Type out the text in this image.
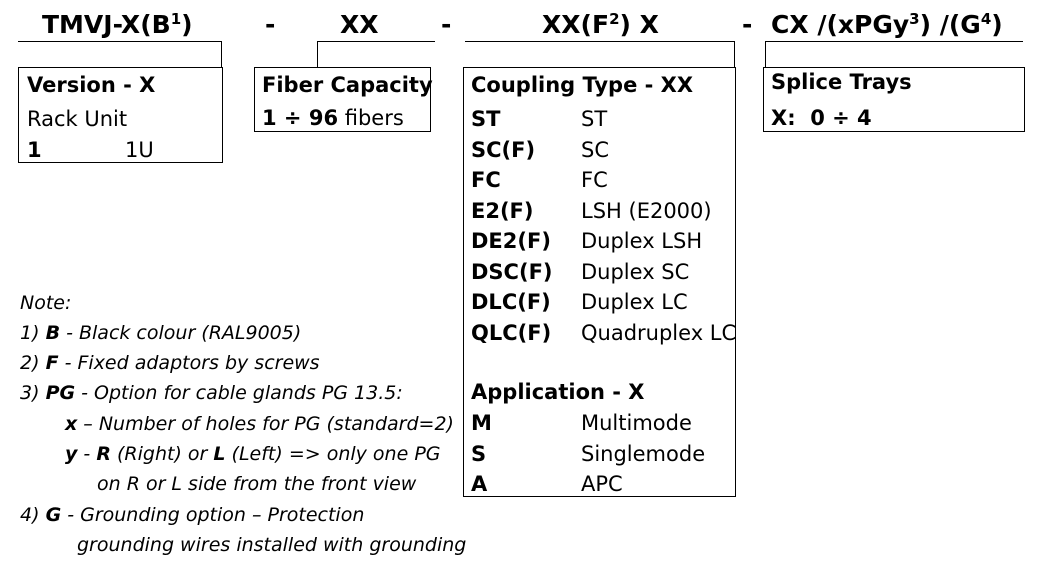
TMVJ-$X(B^1)$	-	XX -	$XX(F^2)$ X	- CX /(xPGy$^3$) $/(G^4)$
Version - X
Rack Unit
1	1U
Fiber Capacity
1 ÷ 96 fibers
Coupling Type - XX
ST	ST
SC(F) SC
FC	FC
E2(F) LSH (E2000)
DE2(F) Duplex LSH
DSC(F) Duplex SC
DLC(F) Duplex LC
QLC(F) Quadruplex LC
Application - X
M	Multimode
S	Singlemode
A	APC
Splice Trays
X: 0 ÷ 4
Note:
1) B - Black colour (RAL9005)
2) F - Fixed adaptors by screws
3) PG - Option for cable glands PG 13.5:
x – Number of holes for PG (standard=2)
y - R (Right) or L (Left) => only one PG
on R or L side from the front view
4) G - Grounding option – Protection
grounding wires installed with grounding
